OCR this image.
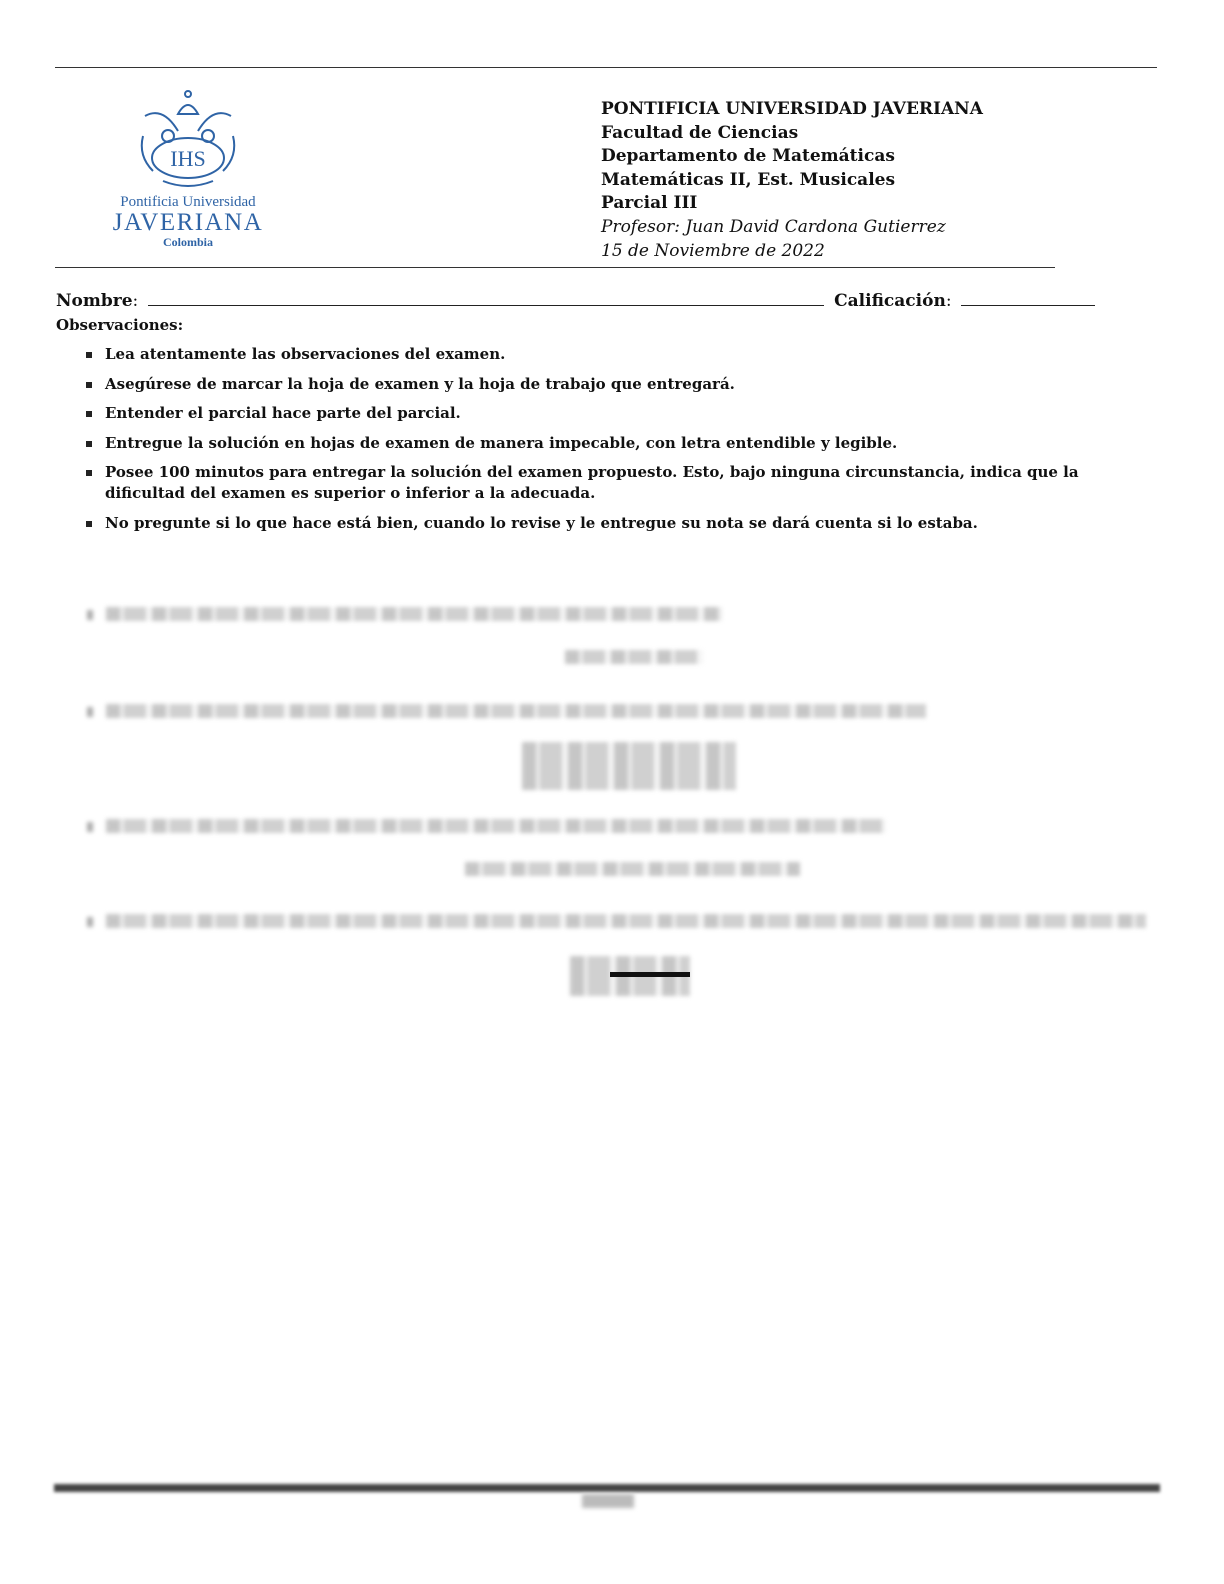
IHS
Pontificia Universidad
JAVERIANA
Colombia
PONTIFICIA UNIVERSIDAD JAVERIANA
Facultad de Ciencias
Departamento de Matemáticas
Matemáticas II, Est. Musicales
Parcial III
Profesor: Juan David Cardona Gutierrez
15 de Noviembre de 2022
Nombre:	Calificación:
Observaciones:
Lea atentamente las observaciones del examen.
Asegúrese de marcar la hoja de examen y la hoja de trabajo que entregará.
Entender el parcial hace parte del parcial.
Entregue la solución en hojas de examen de manera impecable, con letra entendible y legible.
Posee 100 minutos para entregar la solución del examen propuesto. Esto, bajo ninguna circunstancia, indica que la dificultad del examen es superior o inferior a la adecuada.
No pregunte si lo que hace está bien, cuando lo revise y le entregue su nota se dará cuenta si lo estaba.
